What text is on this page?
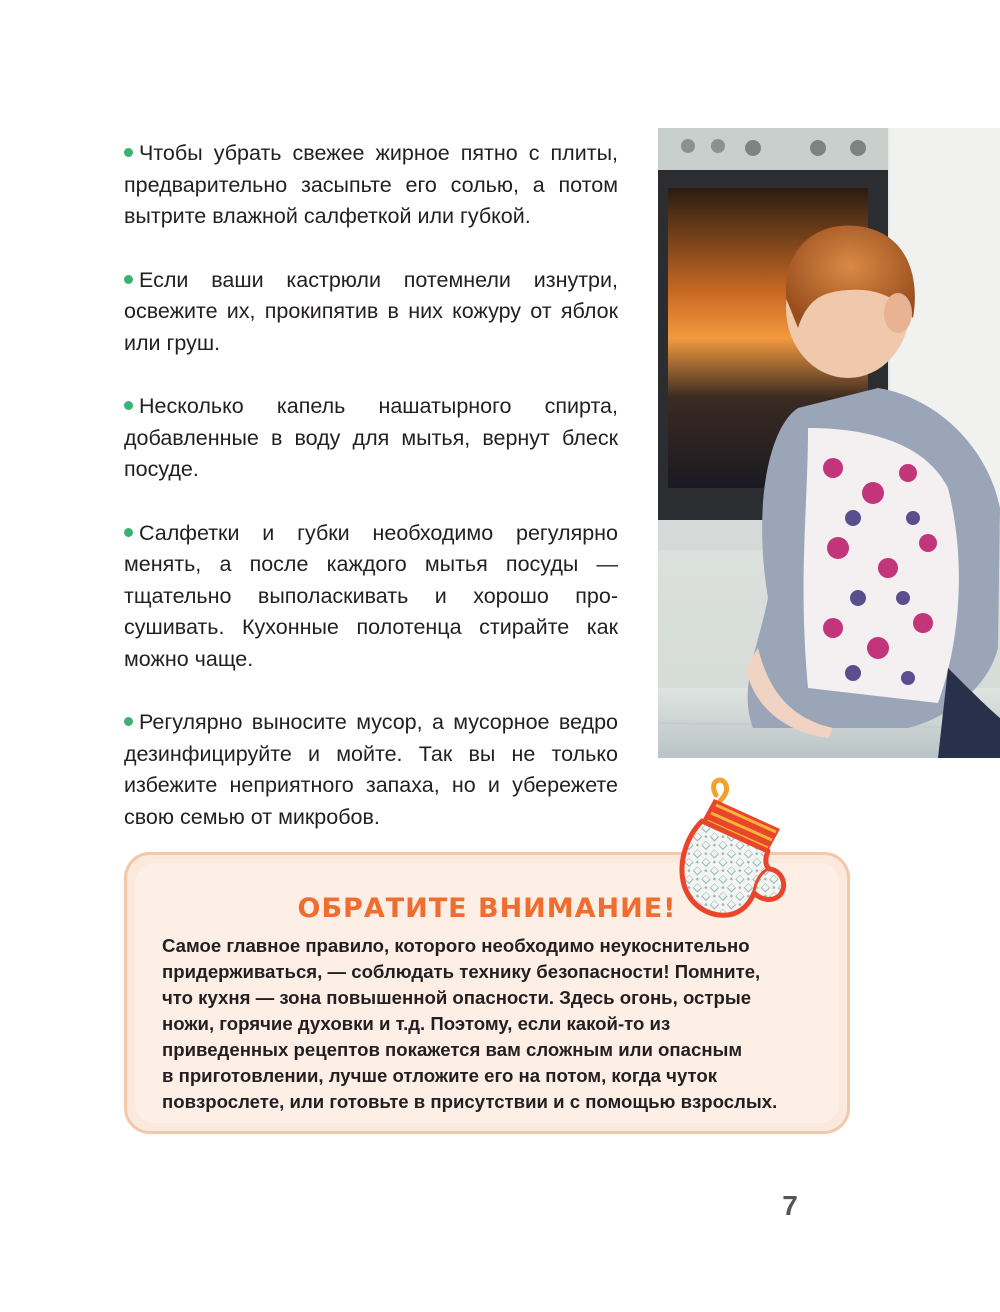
Чтобы убрать свежее жирное пятно с плиты, предварительно засыпьте его солью, а потом вытрите влажной салфеткой или губкой.

Если ваши кастрюли потемнели изнутри, освежите их, прокипятив в них кожуру от яблок или груш.

Несколько капель нашатырного спирта, добавленные в воду для мытья, вернут блеск посуде.

Салфетки и губки необходимо регулярно менять, а после каждого мытья посуды — тщательно выполаскивать и хорошо просушивать. Кухонные полотенца стирайте как можно чаще.

Регулярно выносите мусор, а мусорное ведро дезинфицируйте и мойте. Так вы не только избежите неприятного запаха, но и убережете свою семью от микробов.

ОБРАТИТЕ ВНИМАНИЕ!
Самое главное правило, которого необходимо неукоснительно
придерживаться, — соблюдать технику безопасности! Помните,
что кухня — зона повышенной опасности. Здесь огонь, острые
ножи, горячие духовки и т.д. Поэтому, если какой-то из
приведенных рецептов покажется вам сложным или опасным
в приготовлении, лучше отложите его на потом, когда чуток
повзрослете, или готовьте в присутствии и с помощью взрослых.
7
